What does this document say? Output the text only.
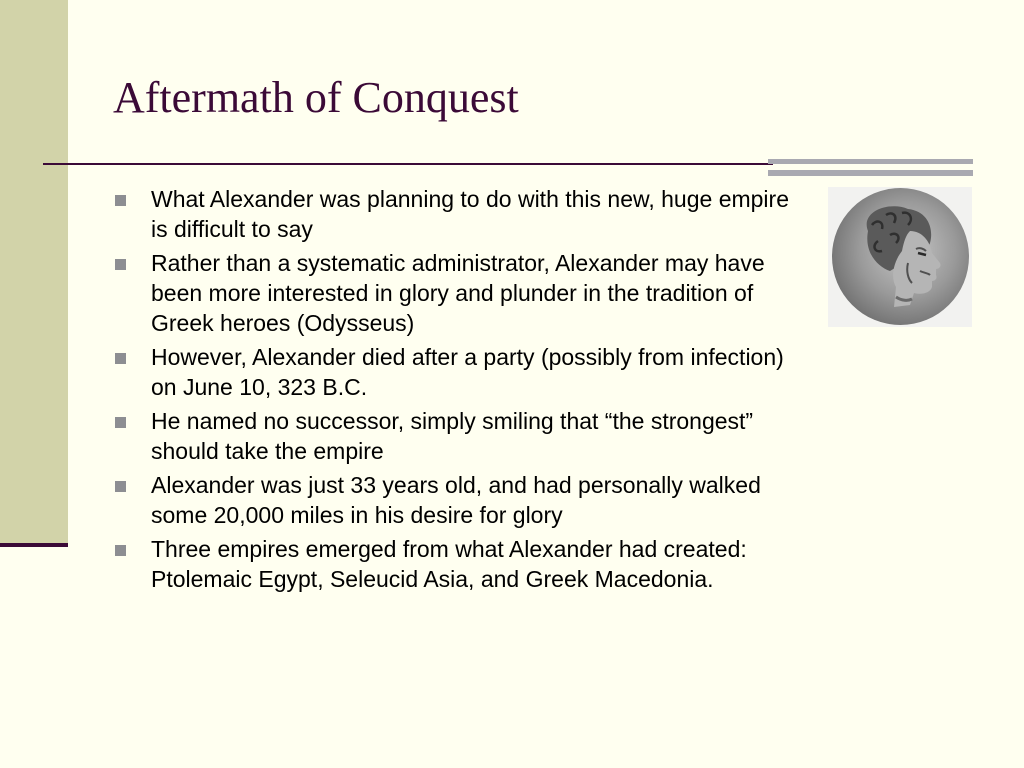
Aftermath of Conquest
What Alexander was planning to do with this new, huge empire is difficult to say
Rather than a systematic administrator, Alexander may have been more interested in glory and plunder in the tradition of Greek heroes (Odysseus)
However, Alexander died after a party (possibly from infection) on June 10, 323 B.C.
He named no successor, simply smiling that “the strongest” should take the empire
Alexander was just 33 years old, and had personally walked some 20,000 miles in his desire for glory
Three empires emerged from what Alexander had created: Ptolemaic Egypt, Seleucid Asia, and Greek Macedonia.
